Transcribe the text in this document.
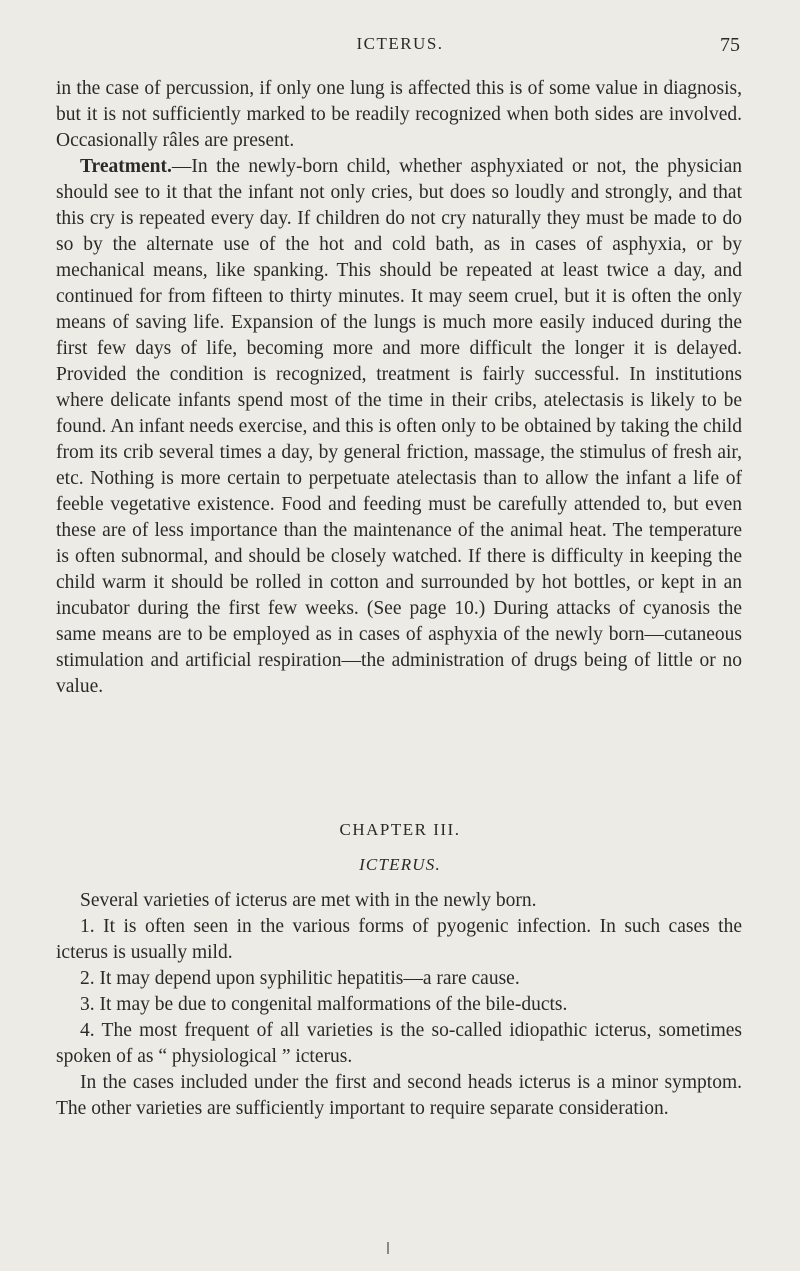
ICTERUS.	75

in the case of percussion, if only one lung is affected this is of some value in diagnosis, but it is not sufficiently marked to be readily recognized when both sides are involved. Occasionally râles are present.

Treatment.—In the newly-born child, whether asphyxiated or not, the physician should see to it that the infant not only cries, but does so loudly and strongly, and that this cry is repeated every day. If children do not cry naturally they must be made to do so by the alternate use of the hot and cold bath, as in cases of asphyxia, or by mechanical means, like spanking. This should be repeated at least twice a day, and continued for from fifteen to thirty minutes. It may seem cruel, but it is often the only means of saving life. Expansion of the lungs is much more easily induced during the first few days of life, becoming more and more difficult the longer it is delayed. Provided the condition is recognized, treatment is fairly successful. In institutions where delicate infants spend most of the time in their cribs, atelectasis is likely to be found. An infant needs exercise, and this is often only to be obtained by taking the child from its crib several times a day, by general friction, massage, the stimulus of fresh air, etc. Nothing is more certain to perpetuate atelectasis than to allow the infant a life of feeble vegetative existence. Food and feeding must be carefully attended to, but even these are of less importance than the maintenance of the animal heat. The temperature is often subnormal, and should be closely watched. If there is difficulty in keeping the child warm it should be rolled in cotton and surrounded by hot bottles, or kept in an incubator during the first few weeks. (See page 10.) During attacks of cyanosis the same means are to be employed as in cases of asphyxia of the newly born—cutaneous stimulation and artificial respiration—the administration of drugs being of little or no value.

CHAPTER III.
ICTERUS.

Several varieties of icterus are met with in the newly born.

1. It is often seen in the various forms of pyogenic infection. In such cases the icterus is usually mild.

2. It may depend upon syphilitic hepatitis—a rare cause.

3. It may be due to congenital malformations of the bile-ducts.

4. The most frequent of all varieties is the so-called idiopathic icterus, sometimes spoken of as “ physiological ” icterus.

In the cases included under the first and second heads icterus is a minor symptom. The other varieties are sufficiently important to require separate consideration.
